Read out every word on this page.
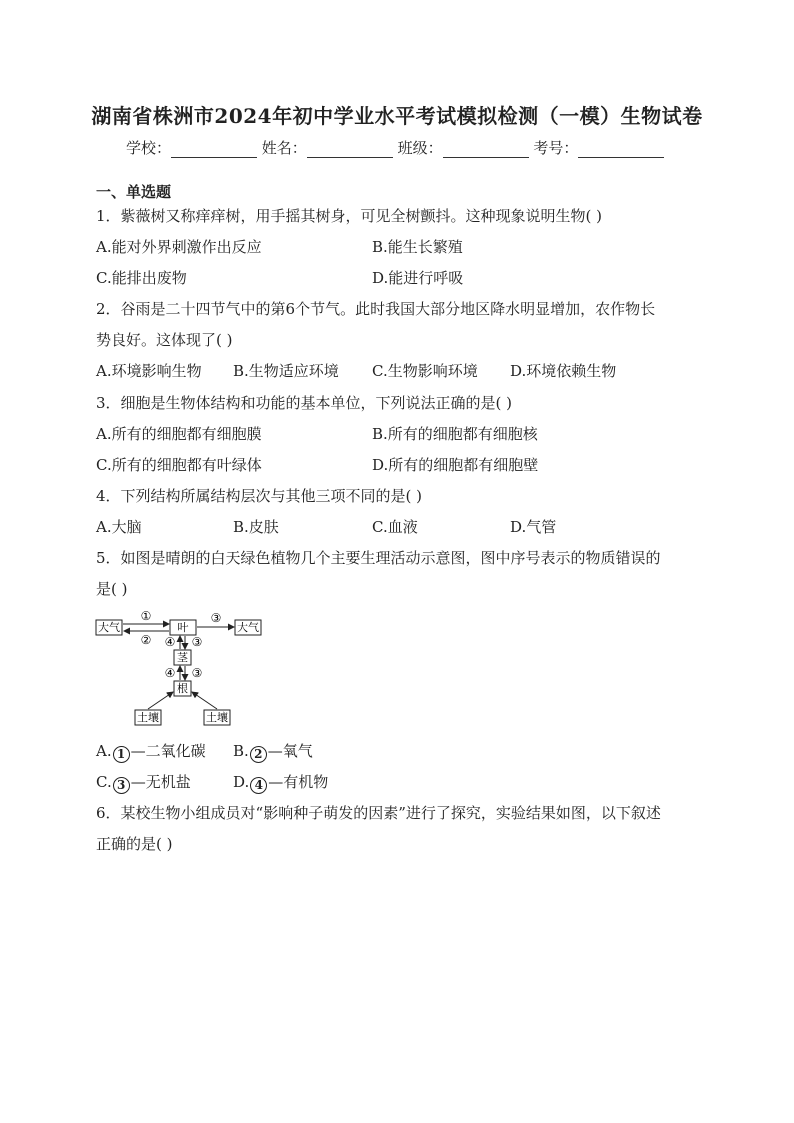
湖南省株洲市2024年初中学业水平考试模拟检测（一模）生物试卷
学校：	姓名：	班级：	考号：
一、单选题
1．紫薇树又称痒痒树，用手摇其树身，可见全树颤抖。这种现象说明生物( )
A.能对外界刺激作出反应	B.能生长繁殖
C.能排出废物	D.能进行呼吸
2．谷雨是二十四节气中的第6个节气。此时我国大部分地区降水明显增加，农作物长
势良好。这体现了( )
A.环境影响生物 B.生物适应环境 C.生物影响环境 D.环境依赖生物
3．细胞是生物体结构和功能的基本单位，下列说法正确的是( )
A.所有的细胞都有细胞膜	B.所有的细胞都有细胞核
C.所有的细胞都有叶绿体	D.所有的细胞都有细胞壁
4．下列结构所属结构层次与其他三项不同的是( )
A.大脑	B.皮肤	C.血液	D.气管
5．如图是晴朗的白天绿色植物几个主要生理活动示意图，图中序号表示的物质错误的
是( )
大气	叶	大气
茎
根
土壤	土壤
①
②
③
④ ③
④ ③
A. 1 —二氧化碳 B. 2 —氧气
C. 3 —无机盐	D. 4 —有机物
6．某校生物小组成员对“影响种子萌发的因素”进行了探究，实验结果如图，以下叙述
正确的是( )
